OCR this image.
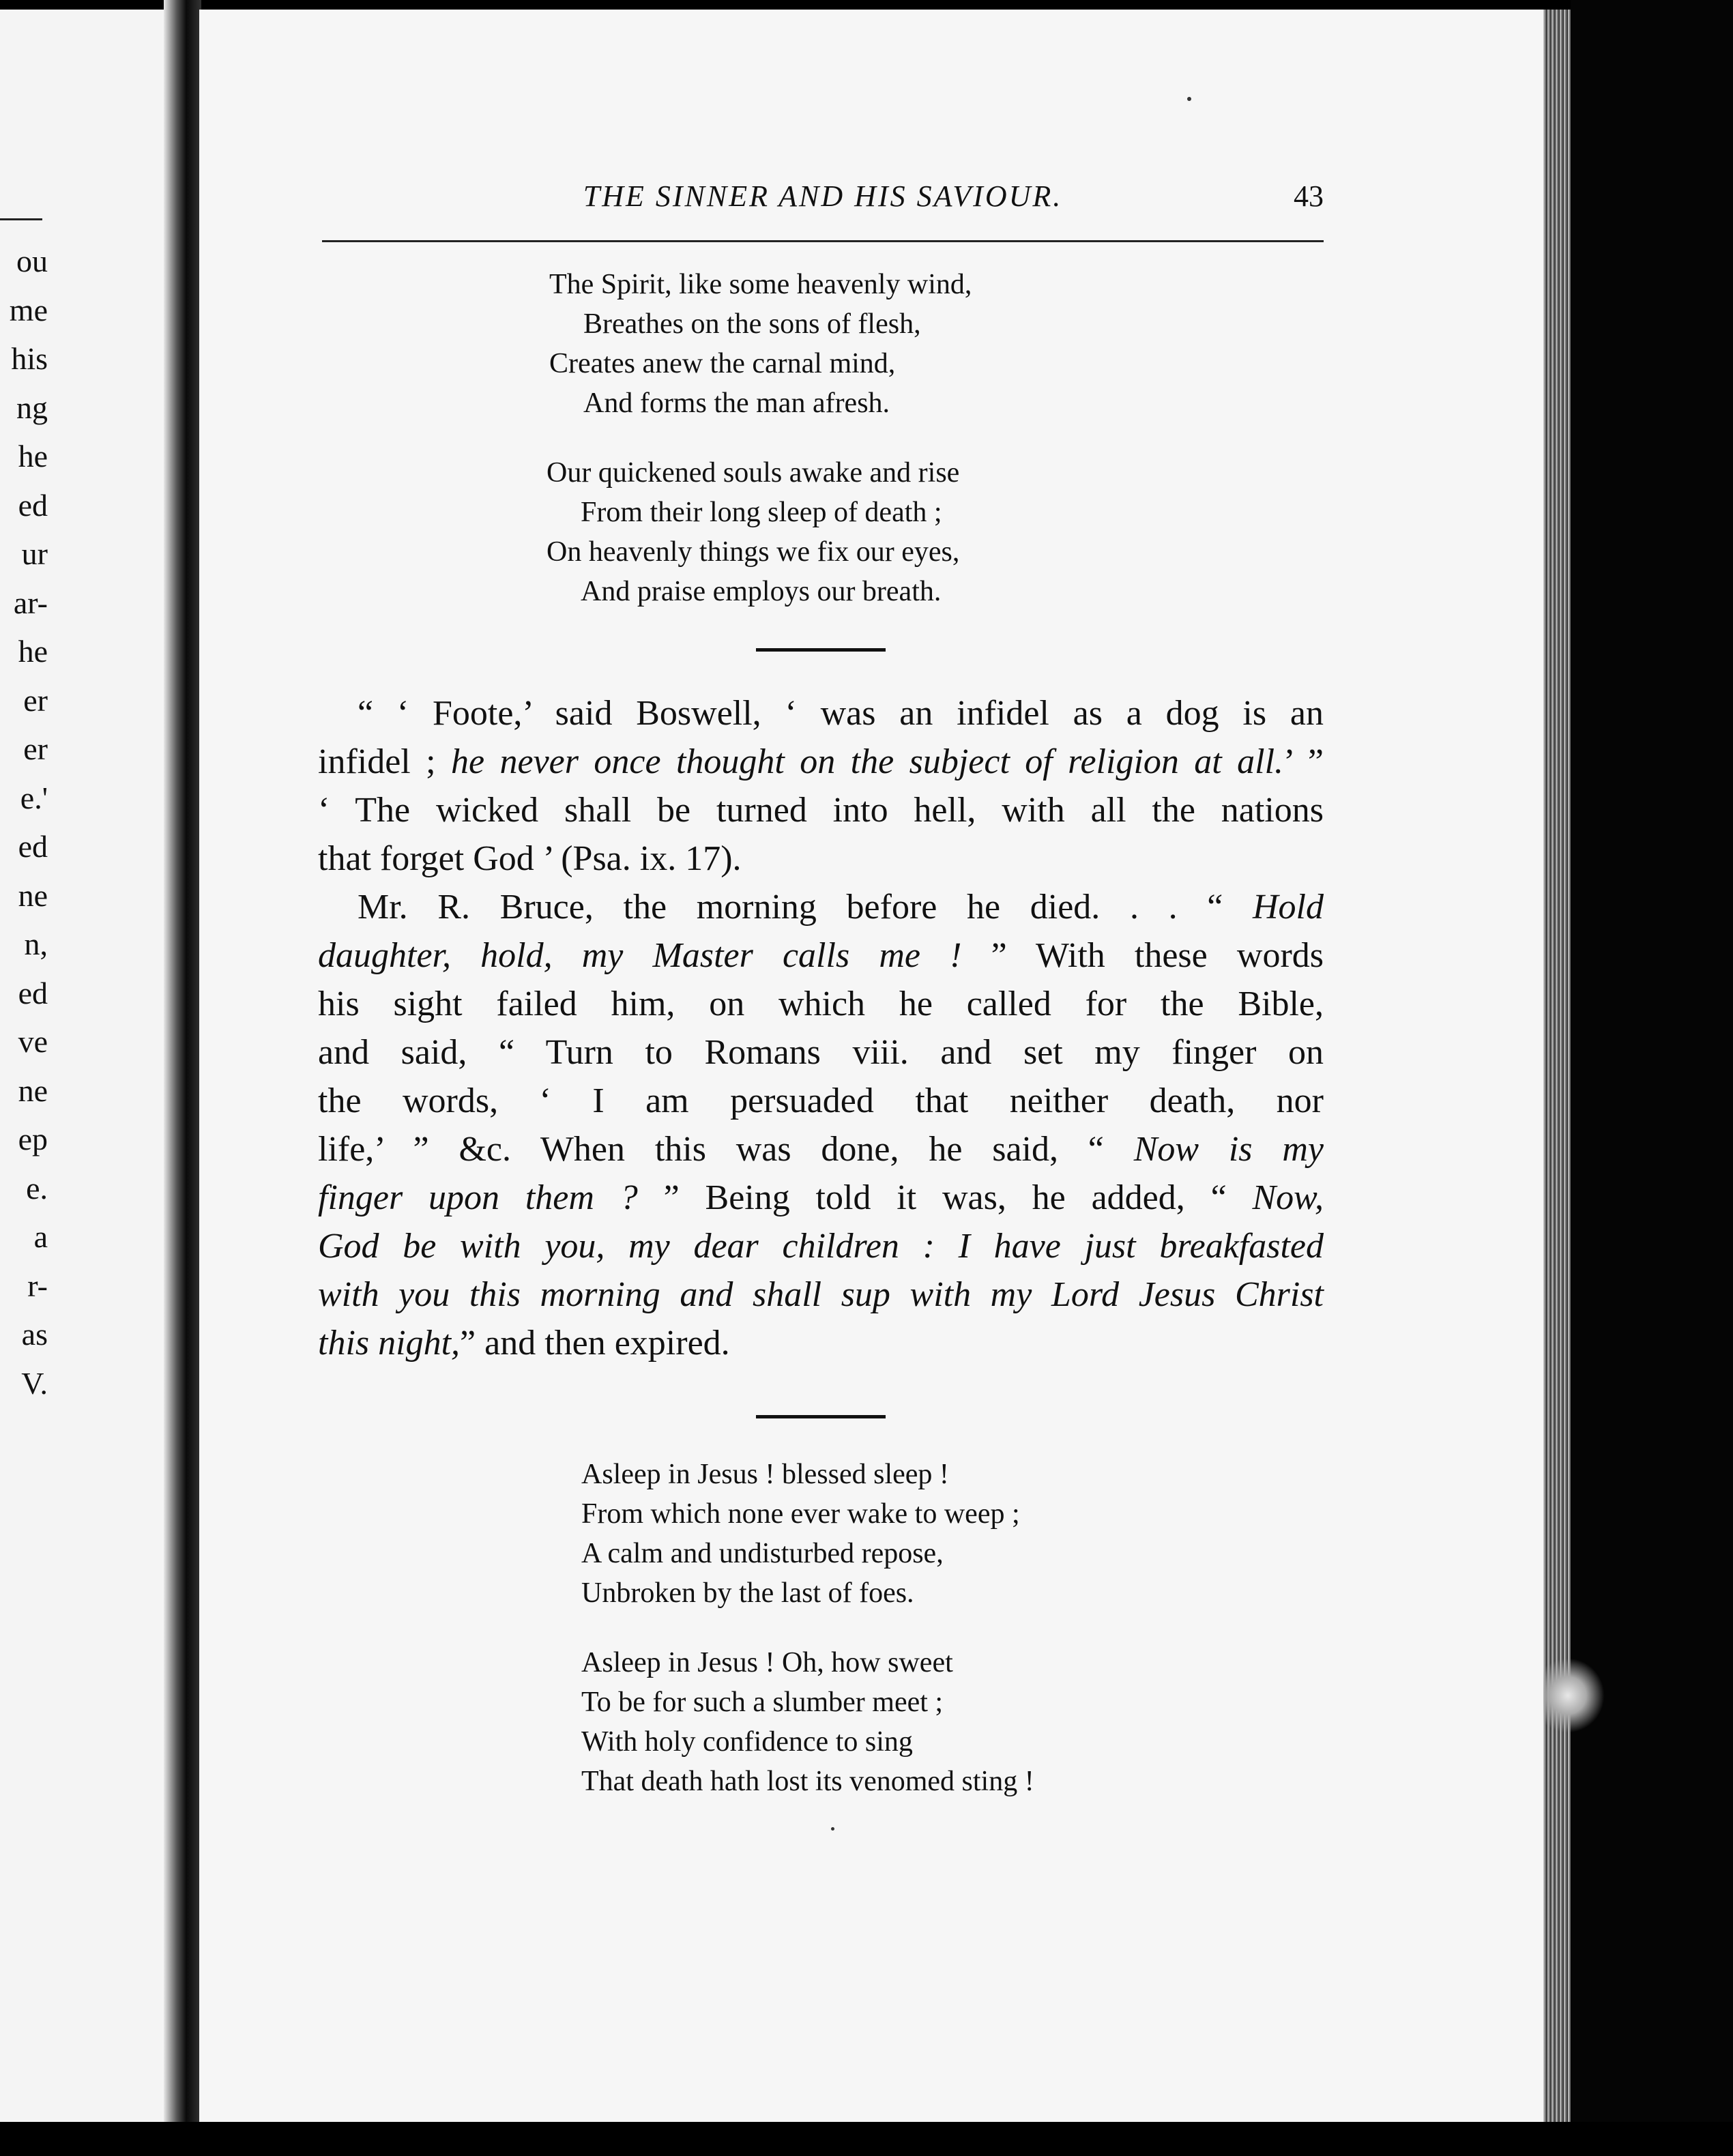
ou
me
his
ng
he
ed
ur
ar-
he
er
er
e.'
ed
ne
n,
ed
ve
ne
ep
e.
a
r-
as
V.
THE SINNER AND HIS SAVIOUR.	43
The Spirit, like some heavenly wind,
Breathes on the sons of flesh,
Creates anew the carnal mind,
And forms the man afresh.
Our quickened souls awake and rise
From their long sleep of death ;
On heavenly things we fix our eyes,
And praise employs our breath.

“ ‘ Foote,’ said Boswell, ‘ was an infidel as a dog is an
infidel ; he never once thought on the subject of religion at all.’ ”
‘ The wicked shall be turned into hell, with all the nations
that forget God ’ (Psa. ix. 17).

Mr. R. Bruce, the morning before he died. . . “ Hold
daughter, hold, my Master calls me ! ” With these words
his sight failed him, on which he called for the Bible,
and said, “ Turn to Romans viii. and set my finger on
the words, ‘ I am persuaded that neither death, nor
life,’ ” &c. When this was done, he said, “ Now is my
finger upon them ? ” Being told it was, he added, “ Now,
God be with you, my dear children : I have just breakfasted
with you this morning and shall sup with my Lord Jesus Christ
this night,” and then expired.

Asleep in Jesus ! blessed sleep !
From which none ever wake to weep ;
A calm and undisturbed repose,
Unbroken by the last of foes.
Asleep in Jesus ! Oh, how sweet
To be for such a slumber meet ;
With holy confidence to sing
That death hath lost its venomed sting !
